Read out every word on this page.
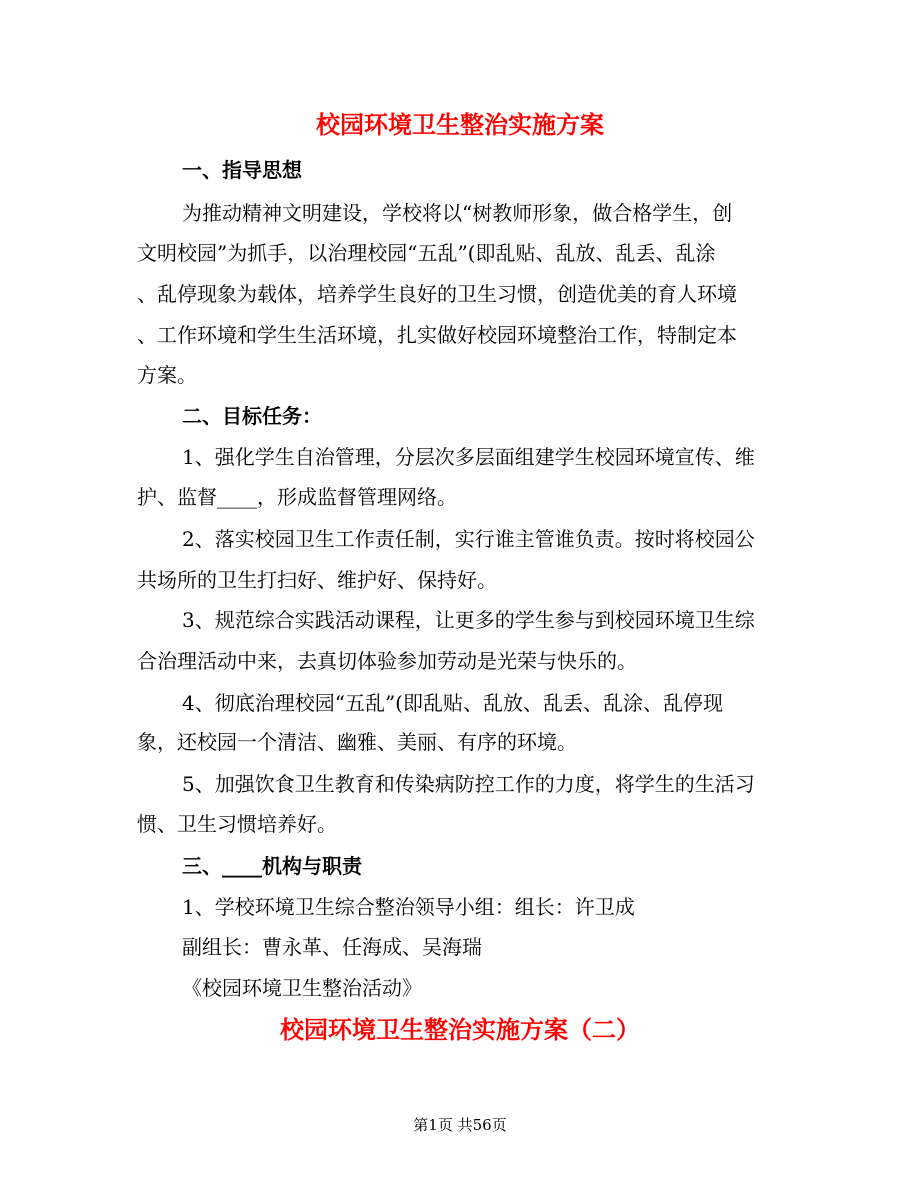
校园环境卫生整治实施方案
一、指导思想
为推动精神文明建设，学校将以“树教师形象，做合格学生，创
文明校园”为抓手，以治理校园“五乱”(即乱贴、乱放、乱丢、乱涂
、乱停现象为载体，培养学生良好的卫生习惯，创造优美的育人环境
、工作环境和学生生活环境，扎实做好校园环境整治工作，特制定本
方案。
二、目标任务：
1、强化学生自治管理，分层次多层面组建学生校园环境宣传、维
护、监督____，形成监督管理网络。
2、落实校园卫生工作责任制，实行谁主管谁负责。按时将校园公
共场所的卫生打扫好、维护好、保持好。
3、规范综合实践活动课程，让更多的学生参与到校园环境卫生综
合治理活动中来，去真切体验参加劳动是光荣与快乐的。
4、彻底治理校园“五乱”(即乱贴、乱放、乱丢、乱涂、乱停现
象，还校园一个清洁、幽雅、美丽、有序的环境。
5、加强饮食卫生教育和传染病防控工作的力度，将学生的生活习
惯、卫生习惯培养好。
三、____机构与职责
1、学校环境卫生综合整治领导小组：组长：许卫成
副组长：曹永革、任海成、吴海瑞
《校园环境卫生整治活动》
校园环境卫生整治实施方案（二）
第1页 共56页
